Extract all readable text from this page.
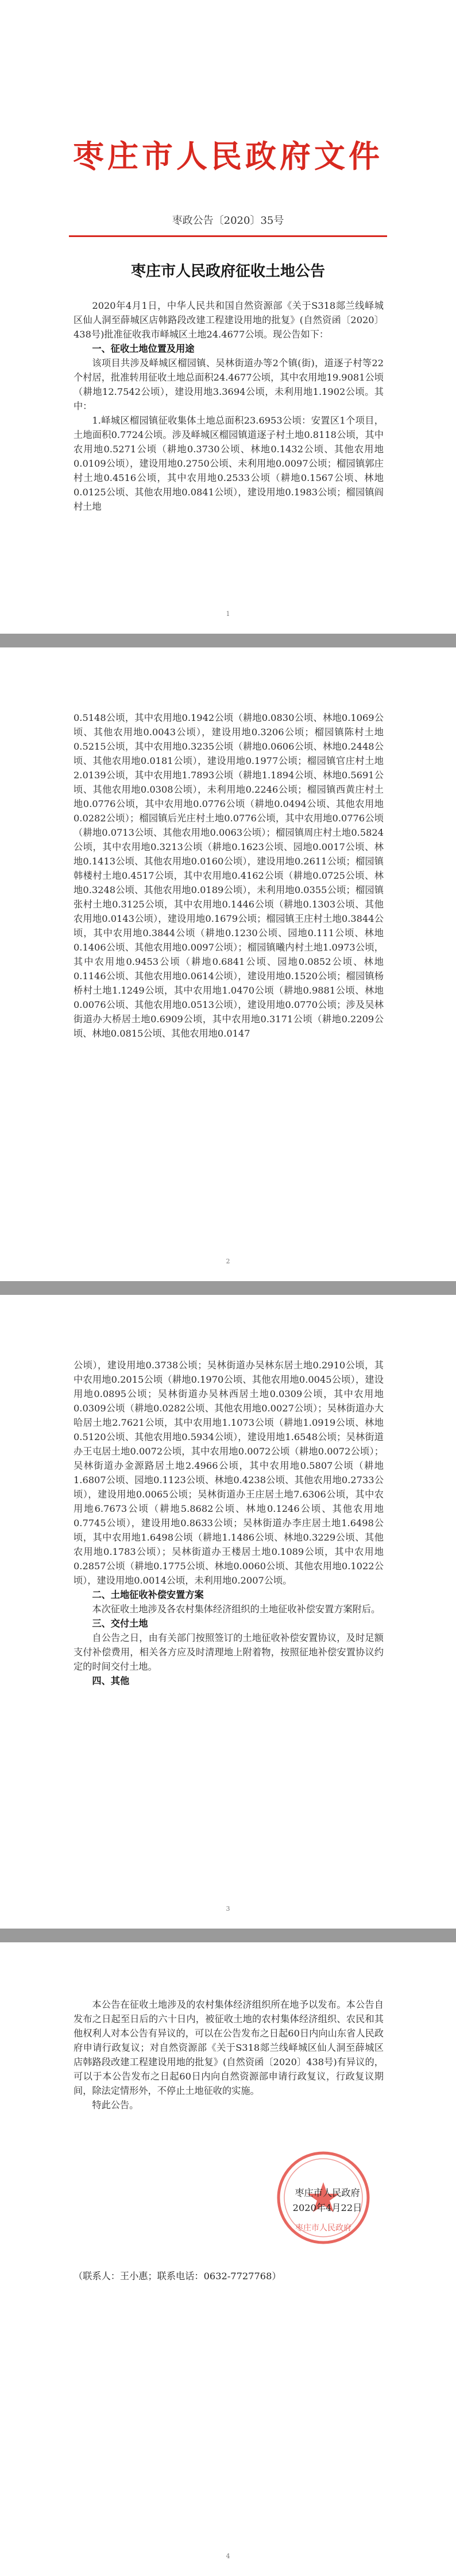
枣庄市人民政府文件
枣政公告〔2020〕35号
枣庄市人民政府征收土地公告

2020年4月1日，中华人民共和国自然资源部《关于S318郯兰线峄城区仙人洞至薛城区店韩路段改建工程建设用地的批复》(自然资函〔2020〕438号)批准征收我市峄城区土地24.4677公顷。现公告如下：

一、征收土地位置及用途

该项目共涉及峄城区榴园镇、吴林街道办等2个镇(街)，道逐子村等22个村居，批准转用征收土地总面积24.4677公顷，其中农用地19.9081公顷（耕地12.7542公顷），建设用地3.3694公顷，未利用地1.1902公顷。其中：

1.峄城区榴园镇征收集体土地总面积23.6953公顷：安置区1个项目，土地面积0.7724公顷。涉及峄城区榴园镇道逐子村土地0.8118公顷，其中农用地0.5271公顷（耕地0.3730公顷、林地0.1432公顷、其他农用地0.0109公顷），建设用地0.2750公顷、未利用地0.0097公顷；榴园镇郭庄村土地0.4516公顷，其中农用地0.2533公顷（耕地0.1567公顷、林地0.0125公顷、其他农用地0.0841公顷），建设用地0.1983公顷；榴园镇阎村土地

1

0.5148公顷，其中农用地0.1942公顷（耕地0.0830公顷、林地0.1069公顷、其他农用地0.0043公顷），建设用地0.3206公顷；榴园镇陈村土地0.5215公顷，其中农用地0.3235公顷（耕地0.0606公顷、林地0.2448公顷、其他农用地0.0181公顷），建设用地0.1977公顷；榴园镇官庄村土地2.0139公顷，其中农用地1.7893公顷（耕地1.1894公顷、林地0.5691公顷、其他农用地0.0308公顷），未利用地0.2246公顷；榴园镇西黄庄村土地0.0776公顷，其中农用地0.0776公顷（耕地0.0494公顷、其他农用地0.0282公顷）；榴园镇后光庄村土地0.0776公顷，其中农用地0.0776公顷（耕地0.0713公顷、其他农用地0.0063公顷）；榴园镇周庄村土地0.5824公顷，其中农用地0.3213公顷（耕地0.1623公顷、园地0.0017公顷、林地0.1413公顷、其他农用地0.0160公顷），建设用地0.2611公顷；榴园镇韩楼村土地0.4517公顷，其中农用地0.4162公顷（耕地0.0725公顷、林地0.3248公顷、其他农用地0.0189公顷），未利用地0.0355公顷；榴园镇张村土地0.3125公顷，其中农用地0.1446公顷（耕地0.1303公顷、其他农用地0.0143公顷），建设用地0.1679公顷；榴园镇王庄村土地0.3844公顷，其中农用地0.3844公顷（耕地0.1230公顷、园地0.111公顷、林地0.1406公顷、其他农用地0.0097公顷）；榴园镇曦内村土地1.0973公顷，其中农用地0.9453公顷（耕地0.6841公顷、园地0.0852公顷、林地0.1146公顷、其他农用地0.0614公顷），建设用地0.1520公顷；榴园镇杨桥村土地1.1249公顷，其中农用地1.0470公顷（耕地0.9881公顷、林地0.0076公顷、其他农用地0.0513公顷），建设用地0.0770公顷；涉及吴林街道办大桥居土地0.6909公顷，其中农用地0.3171公顷（耕地0.2209公顷、林地0.0815公顷、其他农用地0.0147

2

公顷），建设用地0.3738公顷；吴林街道办吴林东居土地0.2910公顷，其中农用地0.2015公顷（耕地0.1970公顷、其他农用地0.0045公顷），建设用地0.0895公顷；吴林街道办吴林西居土地0.0309公顷，其中农用地0.0309公顷（耕地0.0282公顷、其他农用地0.0027公顷）；吴林街道办大哈居土地2.7621公顷，其中农用地1.1073公顷（耕地1.0919公顷、林地0.5120公顷、其他农用地0.5934公顷），建设用地1.6548公顷；吴林街道办王屯居土地0.0072公顷，其中农用地0.0072公顷（耕地0.0072公顷）；吴林街道办金源路居土地2.4966公顷，其中农用地0.5807公顷（耕地1.6807公顷、园地0.1123公顷、林地0.4238公顷、其他农用地0.2733公顷），建设用地0.0065公顷；吴林街道办王庄居土地7.6306公顷，其中农用地6.7673公顷（耕地5.8682公顷、林地0.1246公顷、其他农用地0.7745公顷），建设用地0.8633公顷；吴林街道办李庄居土地1.6498公顷，其中农用地1.6498公顷（耕地1.1486公顷、林地0.3229公顷、其他农用地0.1783公顷）；吴林街道办王楼居土地0.1089公顷，其中农用地0.2857公顷（耕地0.1775公顷、林地0.0060公顷、其他农用地0.1022公顷），建设用地0.0014公顷，未利用地0.2007公顷。

二、土地征收补偿安置方案

本次征收土地涉及各农村集体经济组织的土地征收补偿安置方案附后。

三、交付土地

自公告之日，由有关部门按照签订的土地征收补偿安置协议，及时足额支付补偿费用，相关各方应及时清理地上附着物，按照征地补偿安置协议约定的时间交付土地。

四、其他

3

本公告在征收土地涉及的农村集体经济组织所在地予以发布。本公告自发布之日起至日后的六十日内，被征收土地的农村集体经济组织、农民和其他权利人对本公告有异议的，可以在公告发布之日起60日内向山东省人民政府申请行政复议；对自然资源部《关于S318郯兰线峄城区仙人洞至薛城区店韩路段改建工程建设用地的批复》(自然资函〔2020〕438号)有异议的，可以于本公告发布之日起60日内向自然资源部申请行政复议，行政复议期间，除法定情形外，不停止土地征收的实施。

特此公告。

枣庄市人民政府
枣庄市人民政府
2020年4月22日
（联系人：王小惠；联系电话：0632-7727768）
4
